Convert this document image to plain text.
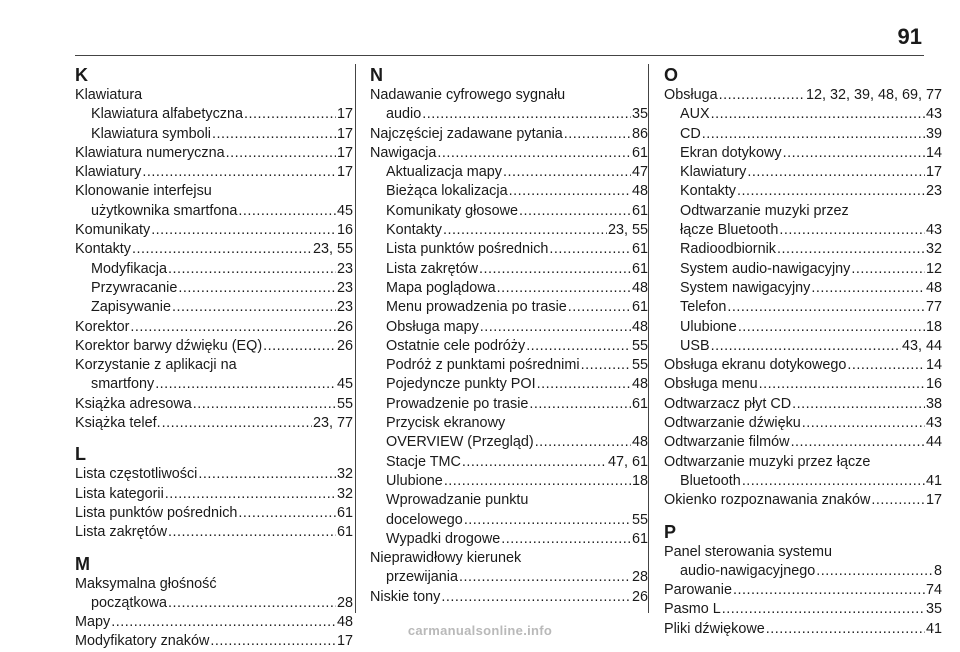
91
K
Klawiatura
Klawiatura alfabetyczna .....	17
Klawiatura symboli .....	17
Klawiatura numeryczna .....	17
Klawiatury .....	17
Klonowanie interfejsu
użytkownika smartfona .....	45
Komunikaty .....	16
Kontakty .....	23, 55
Modyfikacja .....	23
Przywracanie .....	23
Zapisywanie .....	23
Korektor .....	26
Korektor barwy dźwięku (EQ) .....	26
Korzystanie z aplikacji na
smartfony .....	45
Książka adresowa .....	55
Książka telef. .....	23, 77
L
Lista częstotliwości .....	32
Lista kategorii .....	32
Lista punktów pośrednich .....	61
Lista zakrętów .....	61
M
Maksymalna głośność
początkowa .....	28
Mapy .....	48
Modyfikatory znaków .....	17
N
Nadawanie cyfrowego sygnału
audio .....	35
Najczęściej zadawane pytania .....	86
Nawigacja .....	61
Aktualizacja mapy .....	47
Bieżąca lokalizacja .....	48
Komunikaty głosowe .....	61
Kontakty .....	23, 55
Lista punktów pośrednich .....	61
Lista zakrętów .....	61
Mapa poglądowa .....	48
Menu prowadzenia po trasie .....	61
Obsługa mapy .....	48
Ostatnie cele podróży .....	55
Podróż z punktami pośrednimi .....	55
Pojedyncze punkty POI .....	48
Prowadzenie po trasie .....	61
Przycisk ekranowy
OVERVIEW (Przegląd) .....	48
Stacje TMC .....	47, 61
Ulubione .....	18
Wprowadzanie punktu
docelowego .....	55
Wypadki drogowe .....	61
Nieprawidłowy kierunek
przewijania .....	28
Niskie tony .....	26
O
Obsługa .....	12, 32, 39, 48, 69, 77
AUX .....	43
CD .....	39
Ekran dotykowy .....	14
Klawiatury .....	17
Kontakty .....	23
Odtwarzanie muzyki przez
łącze Bluetooth .....	43
Radioodbiornik .....	32
System audio-nawigacyjny .....	12
System nawigacyjny .....	48
Telefon .....	77
Ulubione .....	18
USB .....	43, 44
Obsługa ekranu dotykowego .....	14
Obsługa menu .....	16
Odtwarzacz płyt CD .....	38
Odtwarzanie dźwięku .....	43
Odtwarzanie filmów .....	44
Odtwarzanie muzyki przez łącze
Bluetooth .....	41
Okienko rozpoznawania znaków .....	17
P
Panel sterowania systemu
audio-nawigacyjnego .....	8
Parowanie .....	74
Pasmo L .....	35
Pliki dźwiękowe .....	41
carmanualsonline.info
